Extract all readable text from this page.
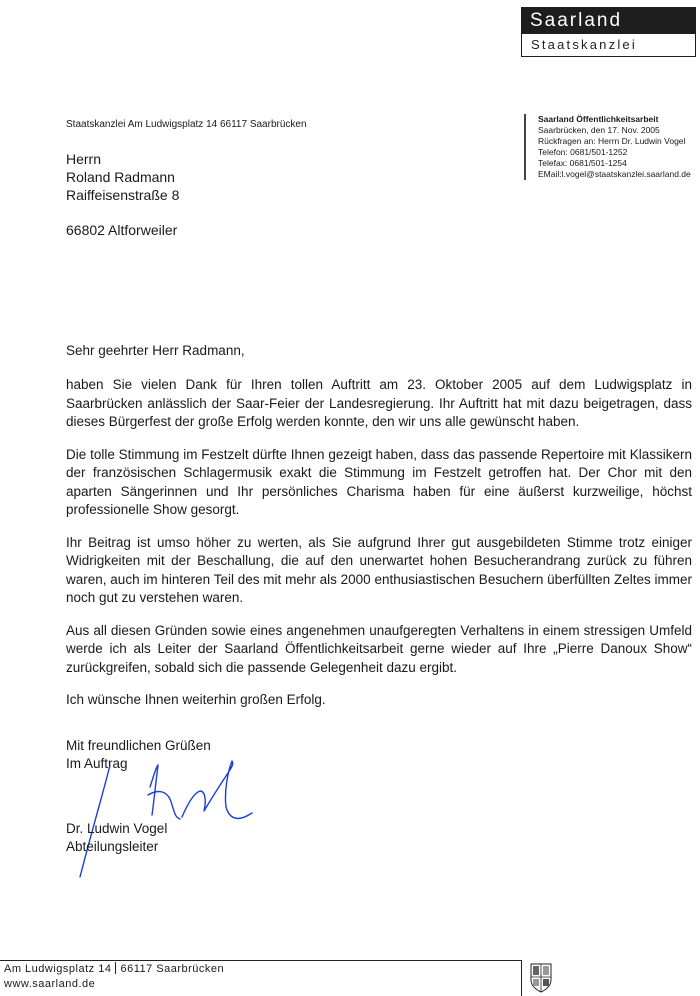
Saarland
Staatskanzlei
Staatskanzlei Am Ludwigsplatz 14 66117 Saarbrücken	Saarland Öffentlichkeitsarbeit
Saarbrücken, den 17. Nov. 2005
Rückfragen an: Herrn Dr. Ludwin Vogel
Telefon: 0681/501-1252
Telefax: 0681/501-1254
EMail:l.vogel@staatskanzlei.saarland.de
Herrn
Roland Radmann
Raiffeisenstraße 8
66802 Altforweiler
Sehr geehrter Herr Radmann,

haben Sie vielen Dank für Ihren tollen Auftritt am 23. Oktober 2005 auf dem Ludwigsplatz in Saarbrücken anlässlich der Saar-Feier der Landesregierung. Ihr Auftritt hat mit dazu beigetragen, dass dieses Bürgerfest der große Erfolg werden konnte, den wir uns alle gewünscht haben.

Die tolle Stimmung im Festzelt dürfte Ihnen gezeigt haben, dass das passende Repertoire mit Klassikern der französischen Schlagermusik exakt die Stimmung im Festzelt getroffen hat. Der Chor mit den aparten Sängerinnen und Ihr persönliches Charisma haben für eine äußerst kurzweilige, höchst professionelle Show gesorgt.

Ihr Beitrag ist umso höher zu werten, als Sie aufgrund Ihrer gut ausgebildeten Stimme trotz einiger Widrigkeiten mit der Beschallung, die auf den unerwartet hohen Besucherandrang zurück zu führen waren, auch im hinteren Teil des mit mehr als 2000 enthusiastischen Besuchern überfüllten Zeltes immer noch gut zu verstehen waren.

Aus all diesen Gründen sowie eines angenehmen unaufgeregten Verhaltens in einem stressigen Umfeld werde ich als Leiter der Saarland Öffentlichkeitsarbeit gerne wieder auf Ihre „Pierre Danoux Show“ zurückgreifen, sobald sich die passende Gelegenheit dazu ergibt.

Ich wünsche Ihnen weiterhin großen Erfolg.

Mit freundlichen Grüßen
Im Auftrag
Dr. Ludwin Vogel
Abteilungsleiter
Am Ludwigsplatz 14 66117 Saarbrücken
www.saarland.de
